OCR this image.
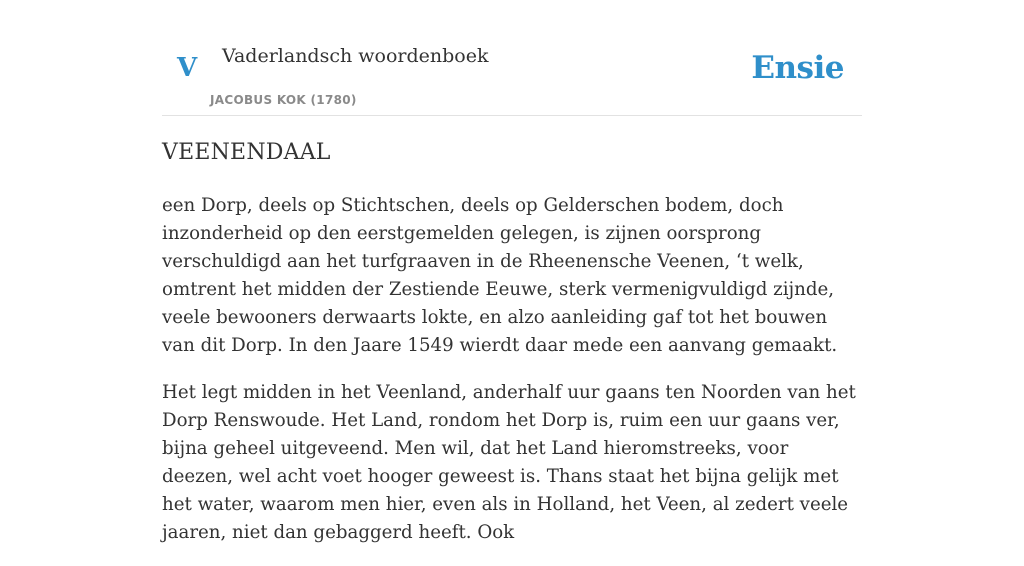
V Vaderlandsch woordenboek
JACOBUS KOK (1780)
Ensie
VEENENDAAL

een Dorp, deels op Stichtschen, deels op Gelderschen bodem, doch inzonderheid op den eerstgemelden gelegen, is zijnen oorsprong verschuldigd aan het turfgraaven in de Rheenensche Veenen, ‘t welk, omtrent het midden der Zestiende Eeuwe, sterk vermenigvuldigd zijnde, veele bewooners derwaarts lokte, en alzo aanleiding gaf tot het bouwen van dit Dorp. In den Jaare 1549 wierdt daar mede een aanvang gemaakt.

Het legt midden in het Veenland, anderhalf uur gaans ten Noorden van het Dorp Renswoude. Het Land, rondom het Dorp is, ruim een uur gaans ver, bijna geheel uitgeveend. Men wil, dat het Land hieromstreeks, voor deezen, wel acht voet hooger geweest is. Thans staat het bijna gelijk met het water, waarom men hier, even als in Holland, het Veen, al zedert veele jaaren, niet dan gebaggerd heeft. Ook
